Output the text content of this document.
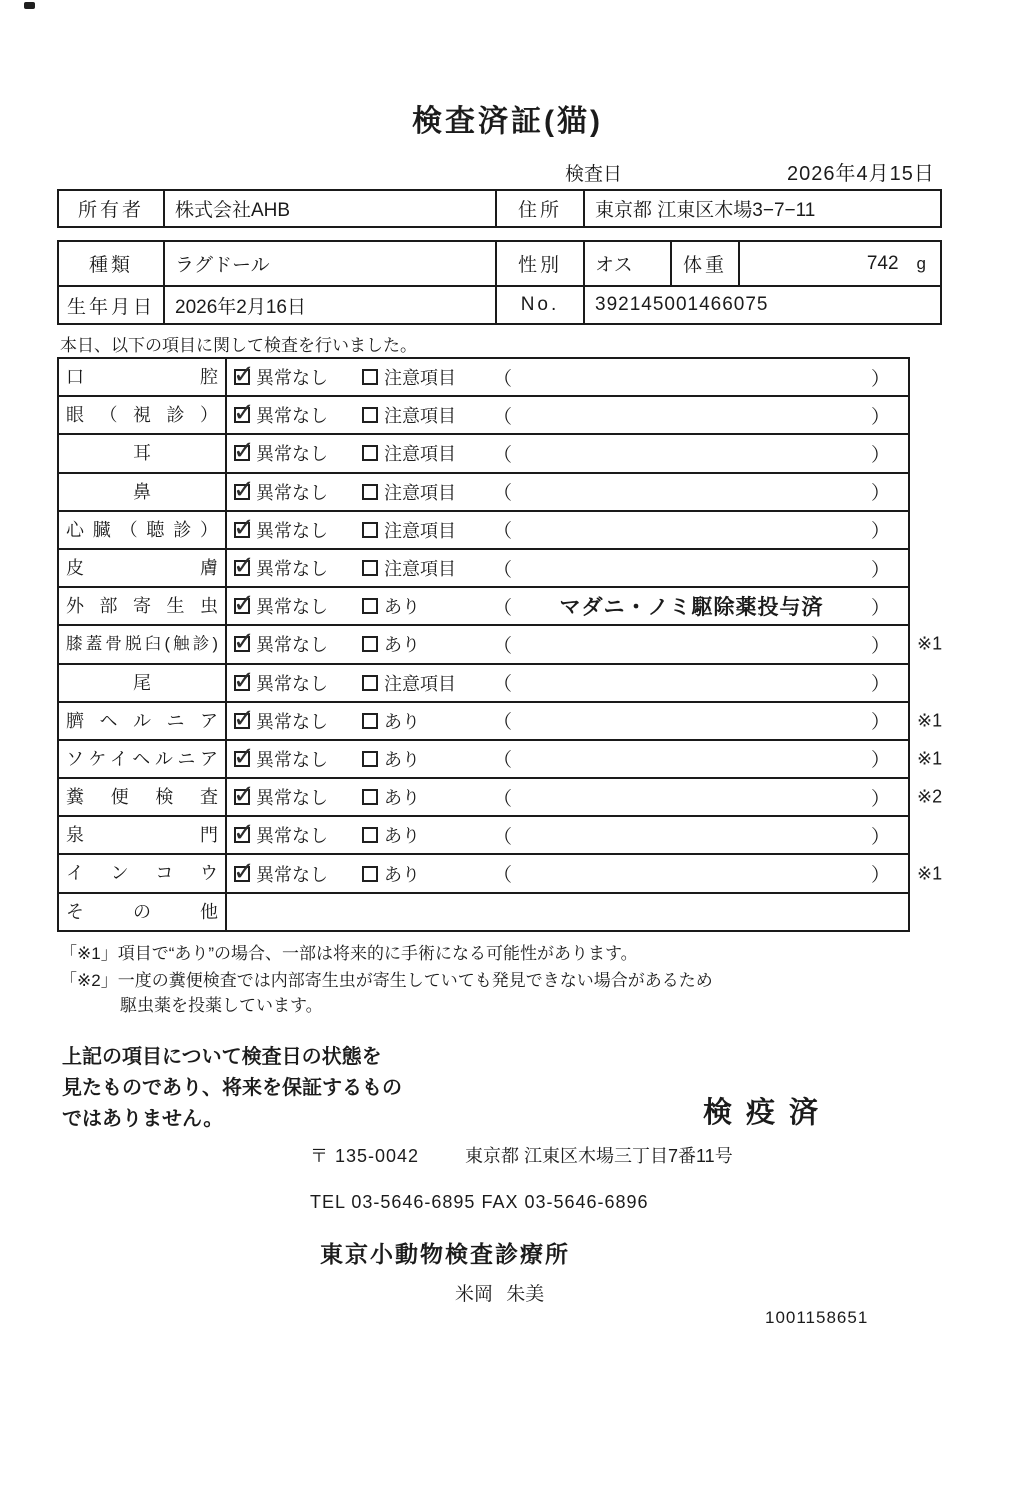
検査済証(猫)
検査日	2026年4月15日
所有者	株式会社AHB	住所	東京都 江東区木場3−7−11
種類	ラグドール	性別	オス	体重	742 g
生年月日	2026年2月16日	No.	392145001466075		
本日、以下の項目に関して検査を行いました。
口腔 ✓	異常なし	注意項目 （	）
眼（視診） ✓	異常なし	注意項目 （	）
耳 ✓	異常なし	注意項目 （	）
鼻 ✓	異常なし	注意項目 （	）
心臓（聴診） ✓	異常なし	注意項目 （	）
皮膚 ✓	異常なし	注意項目 （	）
外部寄生虫 ✓	異常なし	あり	（ マダニ・ノミ駆除薬投与済 ）
膝蓋骨脱臼(触診) ✓	異常なし	あり	（	） ※1
尾 ✓	異常なし	注意項目 （	）
臍ヘルニア ✓	異常なし	あり	（	） ※1
ソケイヘルニア ✓	異常なし	あり	（	） ※1
糞便検査 ✓	異常なし	あり	（	） ※2
泉門 ✓	異常なし	あり	（	）
インコウ ✓	異常なし	あり	（	） ※1
その他
「※1」項目で“あり”の場合、一部は将来的に手術になる可能性があります。
「※2」一度の糞便検査では内部寄生虫が寄生していても発見できない場合があるため
駆虫薬を投薬しています。
上記の項目について検査日の状態を
見たものであり、将来を保証するもの
ではありません。	検疫済
〒 135-0042	東京都 江東区木場三丁目7番11号
TEL 03-5646-6895 FAX 03-5646-6896
東京小動物検査診療所
米岡 朱美
1001158651
